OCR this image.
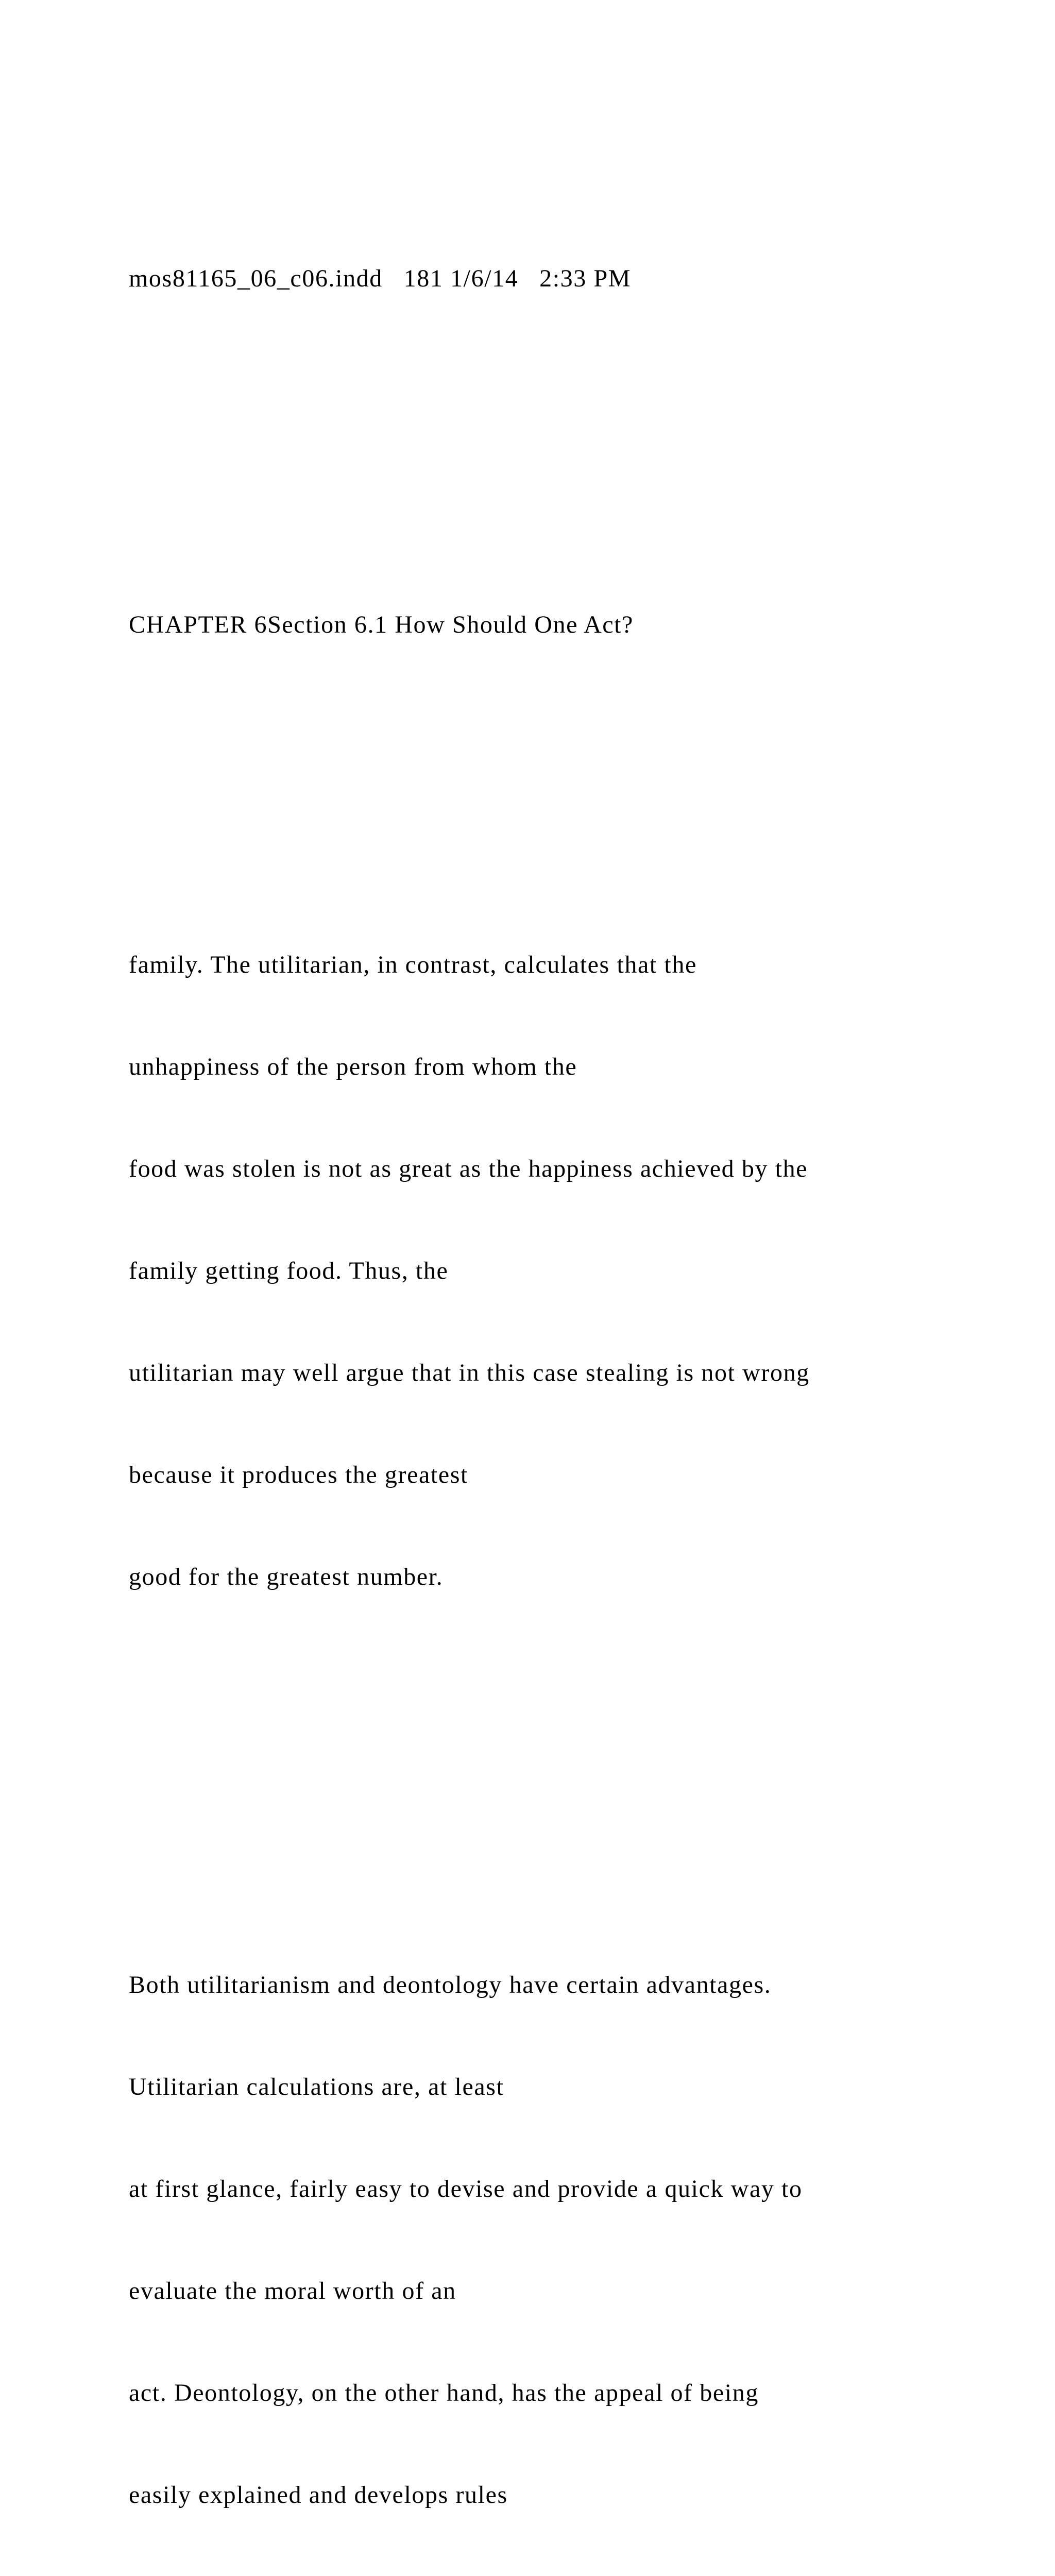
mos81165_06_c06.indd   181 1/6/14   2:33 PM

CHAPTER 6Section 6.1 How Should One Act?

family. The utilitarian, in contrast, calculates that the

unhappiness of the person from whom the

food was stolen is not as great as the happiness achieved by the

family getting food. Thus, the

utilitarian may well argue that in this case stealing is not wrong

because it produces the greatest

good for the greatest number.

Both utilitarianism and deontology have certain advantages.

Utilitarian calculations are, at least

at first glance, fairly easy to devise and provide a quick way to

evaluate the moral worth of an

act. Deontology, on the other hand, has the appeal of being

easily explained and develops rules
